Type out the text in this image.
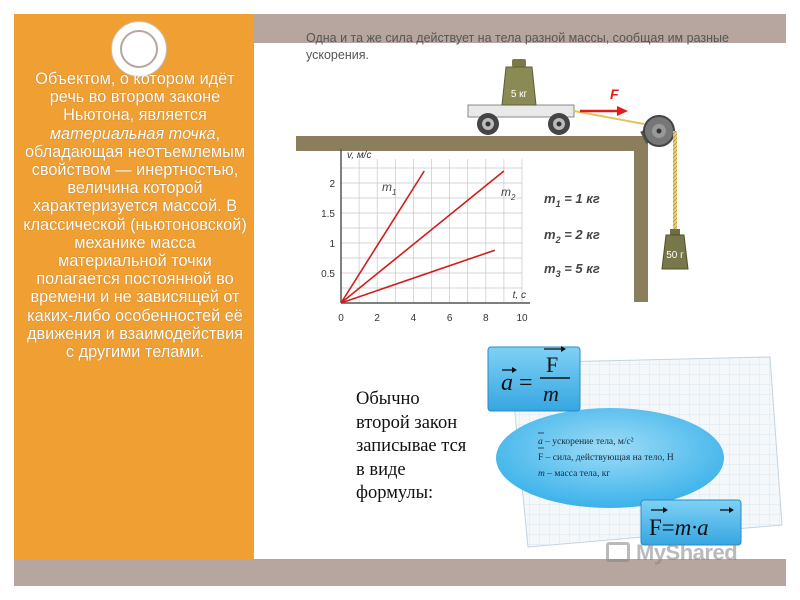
Объектом, о котором идёт речь во втором законе Ньютона, является материальная точка, обладающая неотъемлемым свойством — инертностью, величина которой характеризуется массой. В классической (ньютоновской) механике масса материальной точки полагается постоянной во времени и не зависящей от каких-либо особенностей её движения и взаимодействия с другими телами.
Одна и та же сила действует на тела разной массы, сообщая им разные ускорения.
5 кг	F
50 г
0	2	4	6	8	10
0.5
1
1.5
2
v, м/с
t, с
$m_1$	$m_2$ $m_1 = 1$ кг
$m_2 = 2$ кг
$m_3 = 5$ кг
Обычно второй закон записывае тся в виде формулы:
a =
F
m
a – ускорение тела, м/с²
F – сила, действующая на тело, Н
m – масса тела, кг
F=m·a
MyShared
